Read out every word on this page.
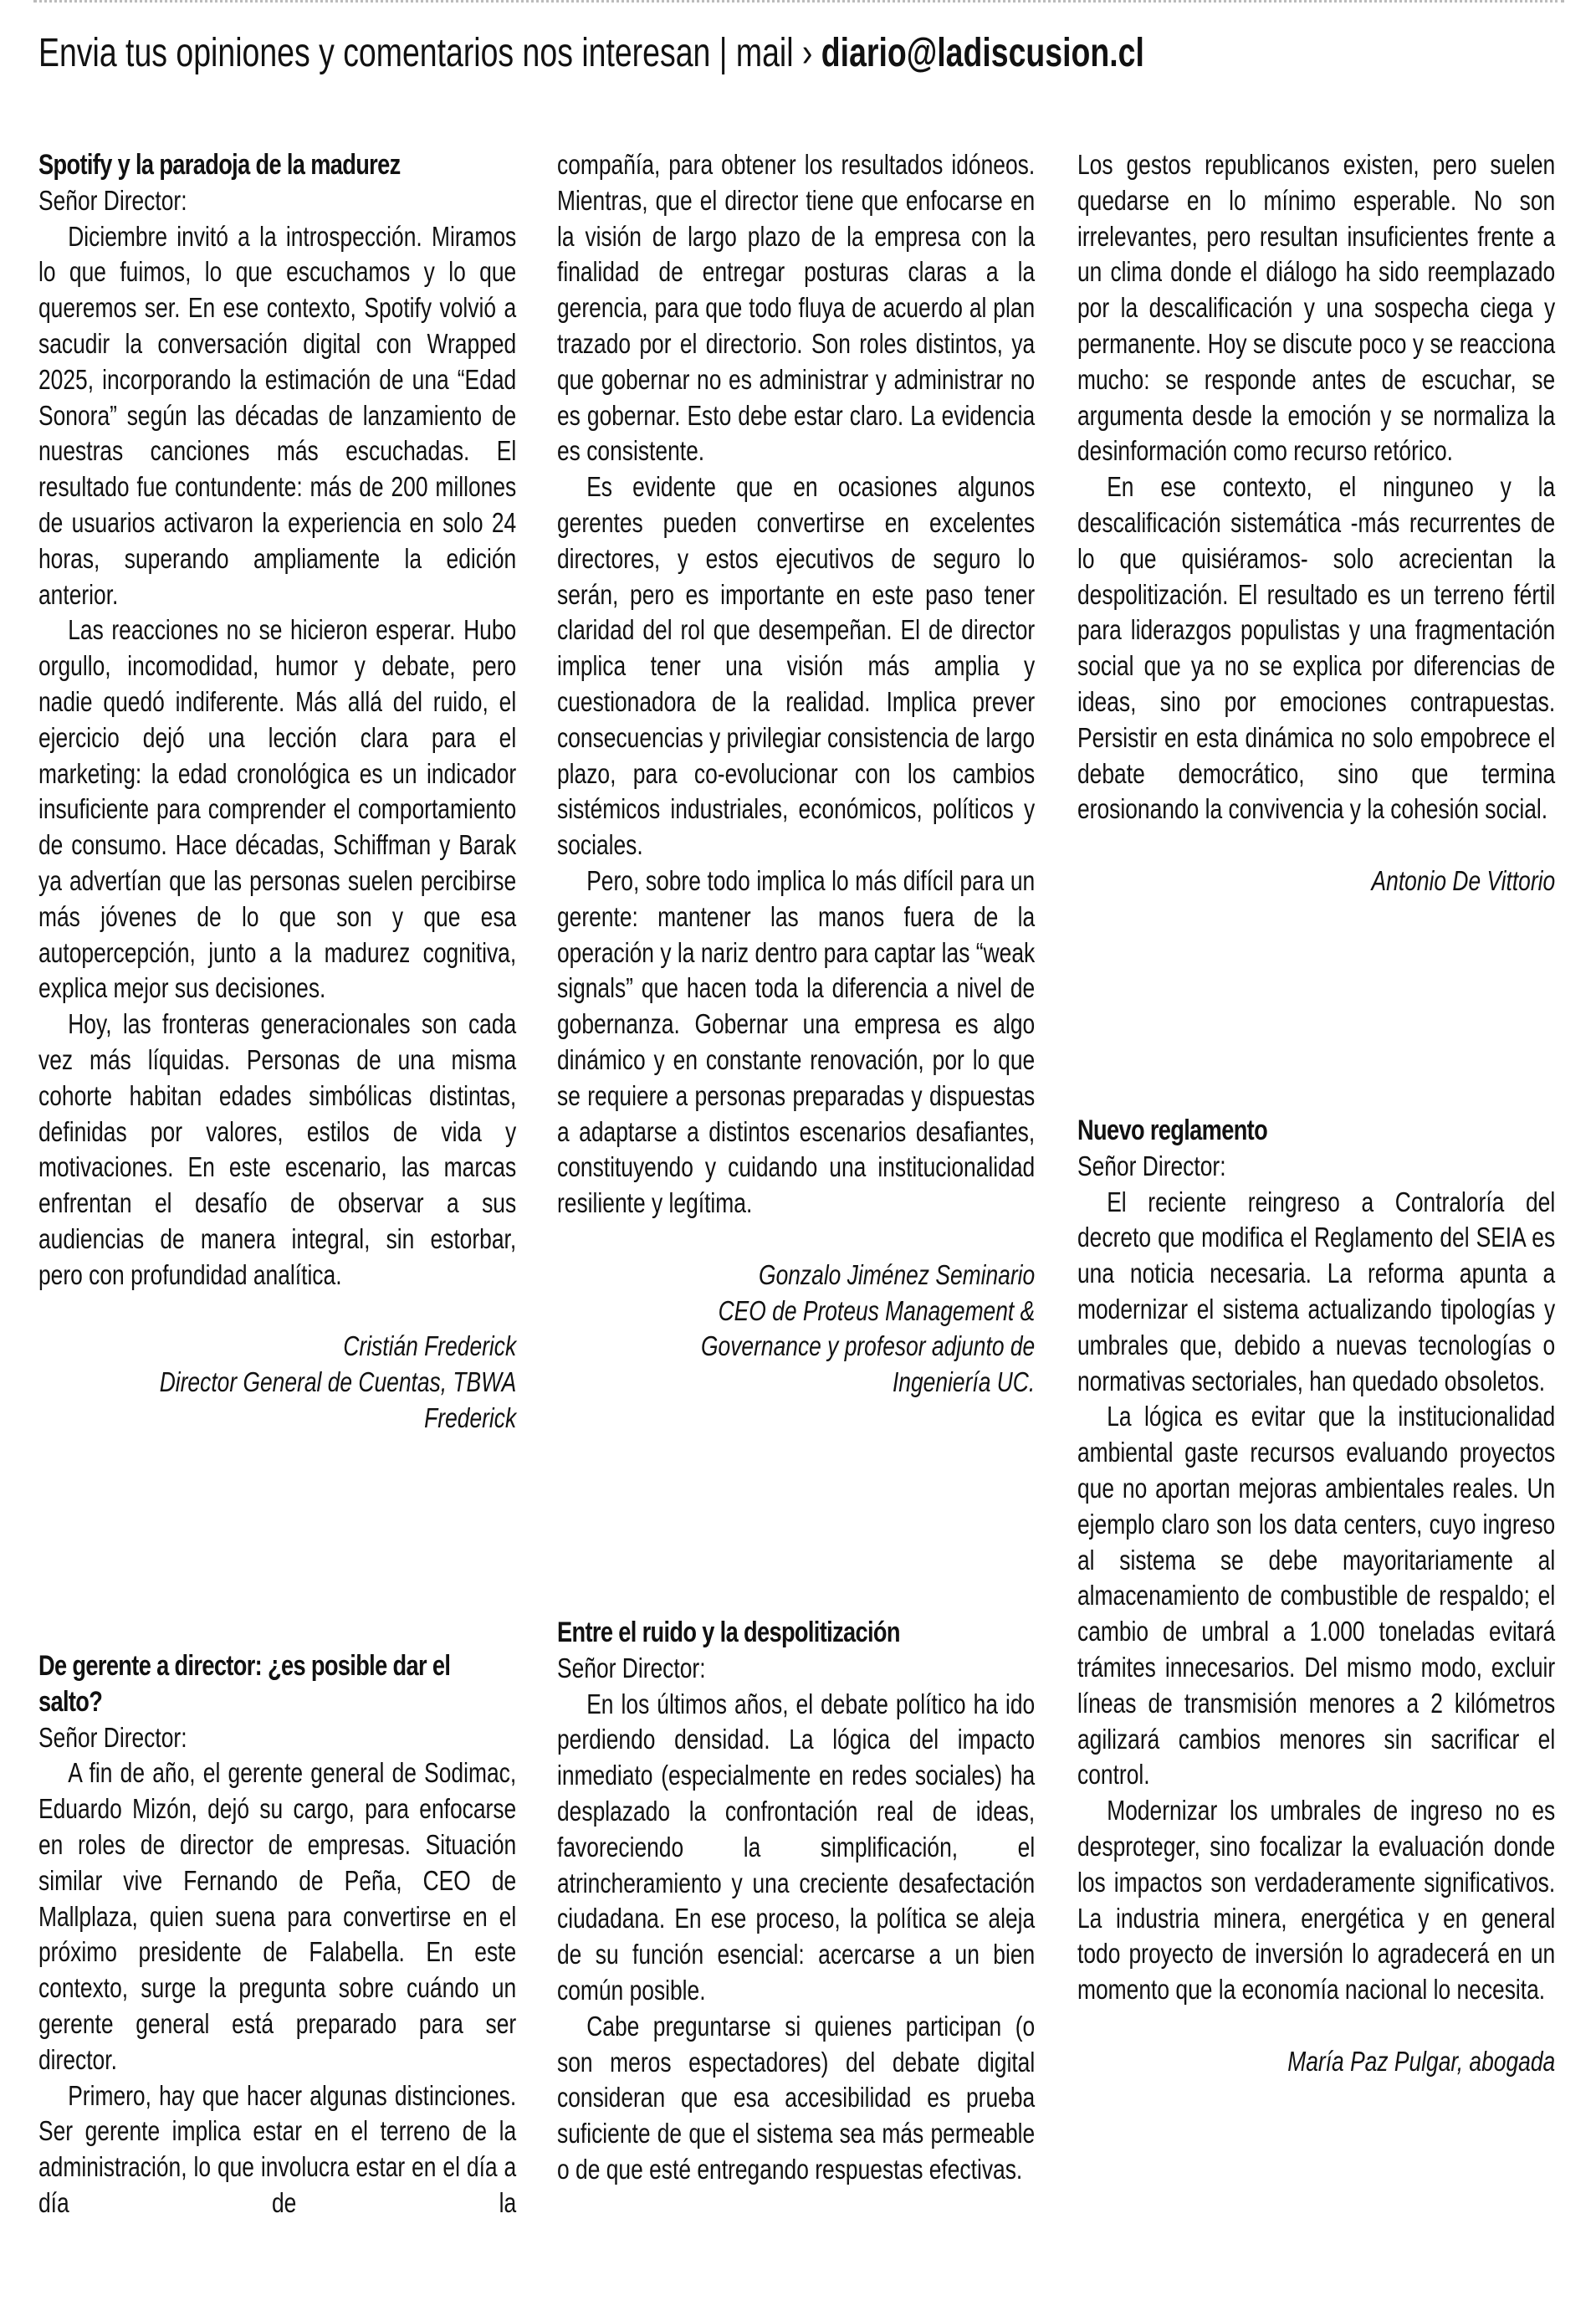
Envia tus opiniones y comentarios nos interesan | mail › diario@ladiscusion.cl
Spotify y la paradoja de la madurez
Señor Director:

Diciembre invitó a la introspección. Miramos lo que fuimos, lo que escuchamos y lo que queremos ser. En ese contexto, Spotify volvió a sacudir la conversación digital con Wrapped 2025, incorporando la estimación de una “Edad Sonora” según las décadas de lanzamiento de nuestras canciones más escuchadas. El resultado fue contundente: más de 200 millones de usuarios activaron la experiencia en solo 24 horas, superando ampliamente la edición anterior.

Las reacciones no se hicieron esperar. Hubo orgullo, incomodidad, humor y debate, pero nadie quedó indiferente. Más allá del ruido, el ejercicio dejó una lección clara para el marketing: la edad cronológica es un indicador insuficiente para comprender el comportamiento de consumo. Hace décadas, Schiffman y Barak ya advertían que las personas suelen percibirse más jóvenes de lo que son y que esa autopercepción, junto a la madurez cognitiva, explica mejor sus decisiones.

Hoy, las fronteras generacionales son cada vez más líquidas. Personas de una misma cohorte habitan edades simbólicas distintas, definidas por valores, estilos de vida y motivaciones. En este escenario, las marcas enfrentan el desafío de observar a sus audiencias de manera integral, sin estorbar, pero con profundidad analítica.

Cristián Frederick
Director General de Cuentas, TBWA
Frederick
De gerente a director: ¿es posible dar el salto?
Señor Director:

A fin de año, el gerente general de Sodimac, Eduardo Mizón, dejó su cargo, para enfocarse en roles de director de empresas. Situación similar vive Fernando de Peña, CEO de Mallplaza, quien suena para convertirse en el próximo presidente de Falabella. En este contexto, surge la pregunta sobre cuándo un gerente general está preparado para ser director.

Primero, hay que hacer algunas distinciones. Ser gerente implica estar en el terreno de la administración, lo que involucra estar en el día a día de la

compañía, para obtener los resultados idóneos. Mientras, que el director tiene que enfocarse en la visión de largo plazo de la empresa con la finalidad de entregar posturas claras a la gerencia, para que todo fluya de acuerdo al plan trazado por el directorio. Son roles distintos, ya que gobernar no es administrar y administrar no es gobernar. Esto debe estar claro. La evidencia es consistente.

Es evidente que en ocasiones algunos gerentes pueden convertirse en excelentes directores, y estos ejecutivos de seguro lo serán, pero es importante en este paso tener claridad del rol que desempeñan. El de director implica tener una visión más amplia y cuestionadora de la realidad. Implica prever consecuencias y privilegiar consistencia de largo plazo, para co-evolucionar con los cambios sistémicos industriales, económicos, políticos y sociales.

Pero, sobre todo implica lo más difícil para un gerente: mantener las manos fuera de la operación y la nariz dentro para captar las “weak signals” que hacen toda la diferencia a nivel de gobernanza. Gobernar una empresa es algo dinámico y en constante renovación, por lo que se requiere a personas preparadas y dispuestas a adaptarse a distintos escenarios desafiantes, constituyendo y cuidando una institucionalidad resiliente y legítima.

Gonzalo Jiménez Seminario
CEO de Proteus Management &
Governance y profesor adjunto de
Ingeniería UC.
Entre el ruido y la despolitización
Señor Director:

En los últimos años, el debate político ha ido perdiendo densidad. La lógica del impacto inmediato (especialmente en redes sociales) ha desplazado la confrontación real de ideas, favoreciendo la simplificación, el atrincheramiento y una creciente desafectación ciudadana. En ese proceso, la política se aleja de su función esencial: acercarse a un bien común posible.

Cabe preguntarse si quienes participan (o son meros espectadores) del debate digital consideran que esa accesibilidad es prueba suficiente de que el sistema sea más permeable o de que esté entregando respuestas efectivas.

Los gestos republicanos existen, pero suelen quedarse en lo mínimo esperable. No son irrelevantes, pero resultan insuficientes frente a un clima donde el diálogo ha sido reemplazado por la descalificación y una sospecha ciega y permanente. Hoy se discute poco y se reacciona mucho: se responde antes de escuchar, se argumenta desde la emoción y se normaliza la desinformación como recurso retórico.

En ese contexto, el ninguneo y la descalificación sistemática -más recurrentes de lo que quisiéramos- solo acrecientan la despolitización. El resultado es un terreno fértil para liderazgos populistas y una fragmentación social que ya no se explica por diferencias de ideas, sino por emociones contrapuestas. Persistir en esta dinámica no solo empobrece el debate democrático, sino que termina erosionando la convivencia y la cohesión social.

Antonio De Vittorio
Nuevo reglamento
Señor Director:

El reciente reingreso a Contraloría del decreto que modifica el Reglamento del SEIA es una noticia necesaria. La reforma apunta a modernizar el sistema actualizando tipologías y umbrales que, debido a nuevas tecnologías o normativas sectoriales, han quedado obsoletos.

La lógica es evitar que la institucionalidad ambiental gaste recursos evaluando proyectos que no aportan mejoras ambientales reales. Un ejemplo claro son los data centers, cuyo ingreso al sistema se debe mayoritariamente al almacenamiento de combustible de respaldo; el cambio de umbral a 1.000 toneladas evitará trámites innecesarios. Del mismo modo, excluir líneas de transmisión menores a 2 kilómetros agilizará cambios menores sin sacrificar el control.

Modernizar los umbrales de ingreso no es desproteger, sino focalizar la evaluación donde los impactos son verdaderamente significativos. La industria minera, energética y en general todo proyecto de inversión lo agradecerá en un momento que la economía nacional lo necesita.

María Paz Pulgar, abogada
